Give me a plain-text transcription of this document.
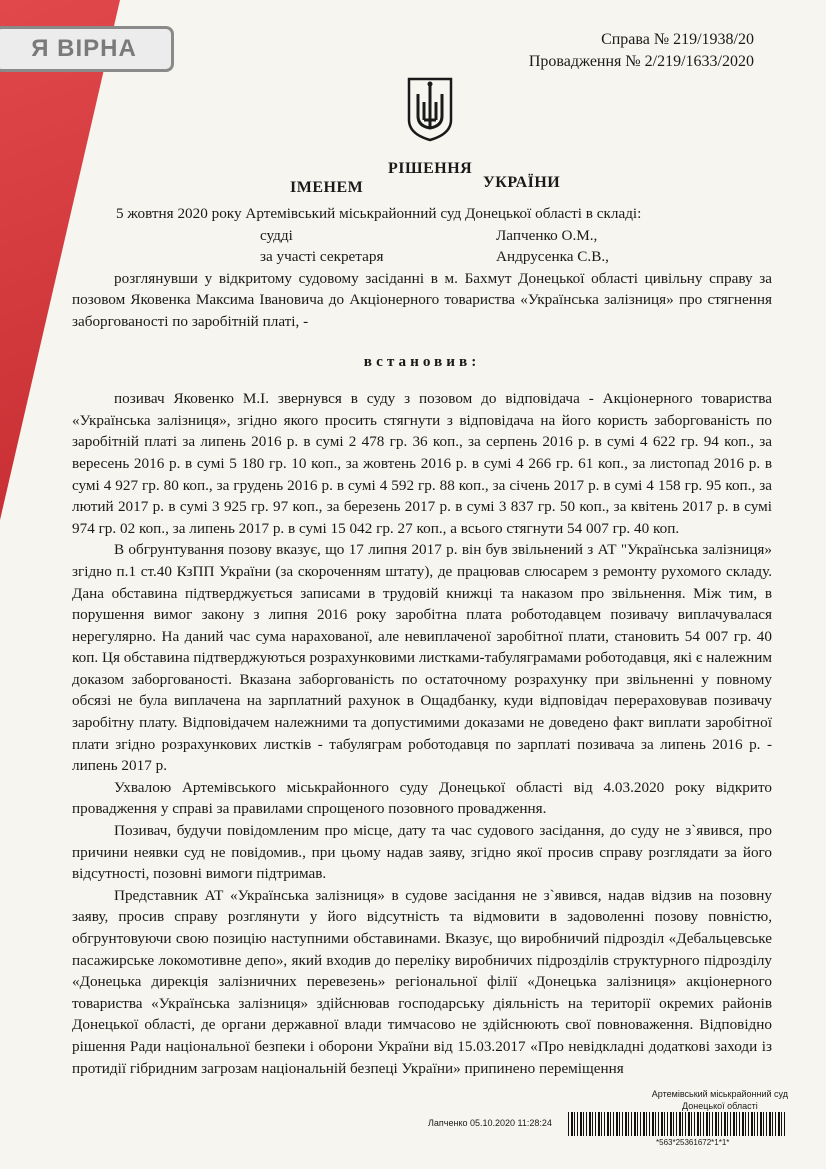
Я ВІРНА	Справа № 219/1938/20
Провадження № 2/219/1633/2020
РІШЕННЯ
ІМЕНЕМ	УКРАЇНИ

5 жовтня 2020 року Артемівський міськрайонний суд Донецької області в складі:

судді	Лапченко О.М.,
за участі секретаря	Андрусенка С.В.,

розглянувши у відкритому судовому засіданні в м. Бахмут Донецької області цивільну справу за позовом Яковенка Максима Івановича до Акціонерного товариства «Українська залізниця» про стягнення заборгованості по заробітній платі, -

встановив:

позивач Яковенко М.І. звернувся в суду з позовом до відповідача - Акціонерного товариства «Українська залізниця», згідно якого просить стягнути з відповідача на його користь заборгованість по заробітній платі за липень 2016 р. в сумі 2 478 гр. 36 коп., за серпень 2016 р. в сумі 4 622 гр. 94 коп., за вересень 2016 р. в сумі 5 180 гр. 10 коп., за жовтень 2016 р. в сумі 4 266 гр. 61 коп., за листопад 2016 р. в сумі 4 927 гр. 80 коп., за грудень 2016 р. в сумі 4 592 гр. 88 коп., за січень 2017 р. в сумі 4 158 гр. 95 коп., за лютий 2017 р. в сумі 3 925 гр. 97 коп., за березень 2017 р. в сумі 3 837 гр. 50 коп., за квітень 2017 р. в сумі 974 гр. 02 коп., за липень 2017 р. в сумі 15 042 гр. 27 коп., а всього стягнути 54 007 гр. 40 коп.

В обгрунтування позову вказує, що 17 липня 2017 р. він був звільнений з АТ "Українська залізниця» згідно п.1 ст.40 КзПП України (за скороченням штату), де працював слюсарем з ремонту рухомого складу. Дана обставина підтверджується записами в трудовій книжці та наказом про звільнення. Між тим, в порушення вимог закону з липня 2016 року заробітна плата роботодавцем позивачу виплачувалася нерегулярно. На даний час сума нарахованої, але невиплаченої заробітної плати, становить 54 007 гр. 40 коп. Ця обставина підтверджуються розрахунковими листками-табуляграмами роботодавця, які є належним доказом заборгованості. Вказана заборгованість по остаточному розрахунку при звільненні у повному обсязі не була виплачена на зарплатний рахунок в Ощадбанку, куди відповідач перераховував позивачу заробітну плату. Відповідачем належними та допустимими доказами не доведено факт виплати заробітної плати згідно розрахункових листків - табуляграм роботодавця по зарплаті позивача за липень 2016 р. - липень 2017 р.

Ухвалою Артемівського міськрайонного суду Донецької області від 4.03.2020 року відкрито провадження у справі за правилами спрощеного позовного провадження.

Позивач, будучи повідомленим про місце, дату та час судового засідання, до суду не з`явився, про причини неявки суд не повідомив., при цьому надав заяву, згідно якої просив справу розглядати за його відсутності, позовні вимоги підтримав.

Представник АТ «Українська залізниця» в судове засідання не з`явився, надав відзив на позовну заяву, просив справу розглянути у його відсутність та відмовити в задоволенні позову повністю, обгрунтовуючи свою позицію наступними обставинами. Вказує, що виробничий підрозділ «Дебальцевське пасажирське локомотивне депо», який входив до переліку виробничих підрозділів структурного підрозділу «Донецька дирекція залізничних перевезень» регіональної філії «Донецька залізниця» акціонерного товариства «Українська залізниця» здійснював господарську діяльність на території окремих районів Донецької області, де органи державної влади тимчасово не здійснюють свої повноваження. Відповідно рішення Ради національної безпеки і оборони України від 15.03.2017 «Про невідкладні додаткові заходи із протидії гібридним загрозам національній безпеці України» припинено переміщення

Артемівський міськрайонний суд
Донецької області
Лапченко 05.10.2020 11:28:24
*563*25361672*1*1*
